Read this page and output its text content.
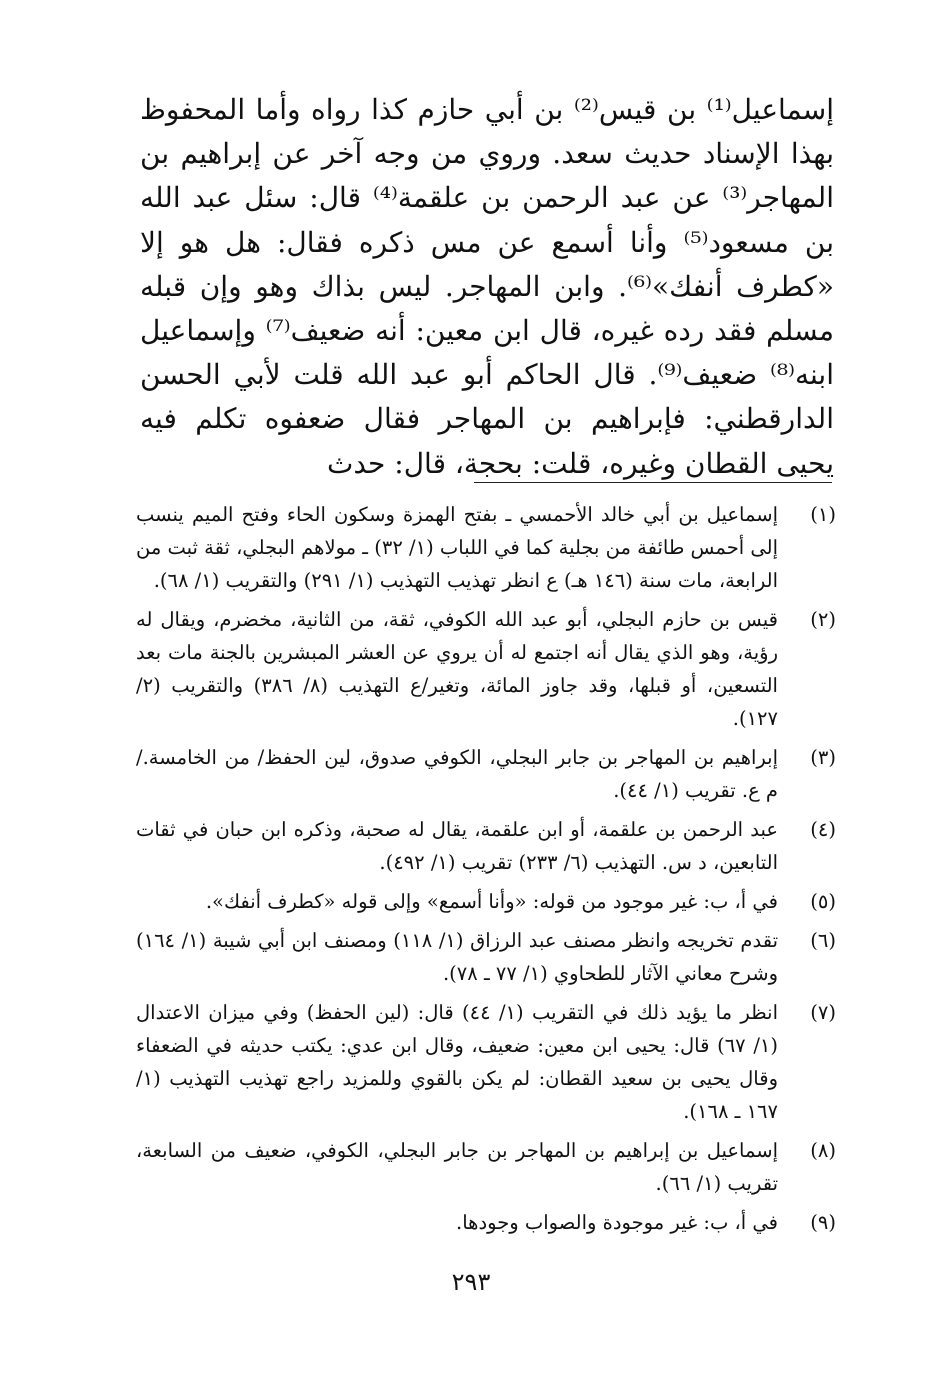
إسماعيل⁽¹⁾ بن قيس⁽²⁾ بن أبي حازم كذا رواه وأما المحفوظ بهذا الإسناد حديث سعد. وروي من وجه آخر عن إبراهيم بن المهاجر⁽³⁾ عن عبد الرحمن بن علقمة⁽⁴⁾ قال: سئل عبد الله بن مسعود⁽⁵⁾ وأنا أسمع عن مس ذكره فقال: هل هو إلا «كطرف أنفك»⁽⁶⁾. وابن المهاجر. ليس بذاك وهو وإن قبله مسلم فقد رده غيره، قال ابن معين: أنه ضعيف⁽⁷⁾ وإسماعيل ابنه⁽⁸⁾ ضعيف⁽⁹⁾. قال الحاكم أبو عبد الله قلت لأبي الحسن الدارقطني: فإبراهيم بن المهاجر فقال ضعفوه تكلم فيه يحيى القطان وغيره، قلت: بحجة، قال: حدث

(١)
إسماعيل بن أبي خالد الأحمسي ـ بفتح الهمزة وسكون الحاء وفتح الميم ينسب إلى أحمس طائفة من بجلية كما في اللباب (١/ ٣٢) ـ مولاهم البجلي، ثقة ثبت من الرابعة، مات سنة (١٤٦ هـ) ع انظر تهذيب التهذيب (١/ ٢٩١) والتقريب (١/ ٦٨).
(٢)
قيس بن حازم البجلي، أبو عبد الله الكوفي، ثقة، من الثانية، مخضرم، ويقال له رؤية، وهو الذي يقال أنه اجتمع له أن يروي عن العشر المبشرين بالجنة مات بعد التسعين، أو قبلها، وقد جاوز المائة، وتغير/ع التهذيب (٨/ ٣٨٦) والتقريب (٢/ ١٢٧).
(٣)
إبراهيم بن المهاجر بن جابر البجلي، الكوفي صدوق، لين الحفظ/ من الخامسة./ م ع. تقريب (١/ ٤٤).
(٤)
عبد الرحمن بن علقمة، أو ابن علقمة، يقال له صحبة، وذكره ابن حبان في ثقات التابعين، د س. التهذيب (٦/ ٢٣٣) تقريب (١/ ٤٩٢).
(٥)
في أ، ب: غير موجود من قوله: «وأنا أسمع» وإلى قوله «كطرف أنفك».
(٦)
تقدم تخريجه وانظر مصنف عبد الرزاق (١/ ١١٨) ومصنف ابن أبي شيبة (١/ ١٦٤) وشرح معاني الآثار للطحاوي (١/ ٧٧ ـ ٧٨).
(٧)
انظر ما يؤيد ذلك في التقريب (١/ ٤٤) قال: (لين الحفظ) وفي ميزان الاعتدال (١/ ٦٧) قال: يحيى ابن معين: ضعيف، وقال ابن عدي: يكتب حديثه في الضعفاء وقال يحيى بن سعيد القطان: لم يكن بالقوي وللمزيد راجع تهذيب التهذيب (١/ ١٦٧ ـ ١٦٨).
(٨)
إسماعيل بن إبراهيم بن المهاجر بن جابر البجلي، الكوفي، ضعيف من السابعة، تقريب (١/ ٦٦).
(٩)
في أ، ب: غير موجودة والصواب وجودها.
٢٩٣
